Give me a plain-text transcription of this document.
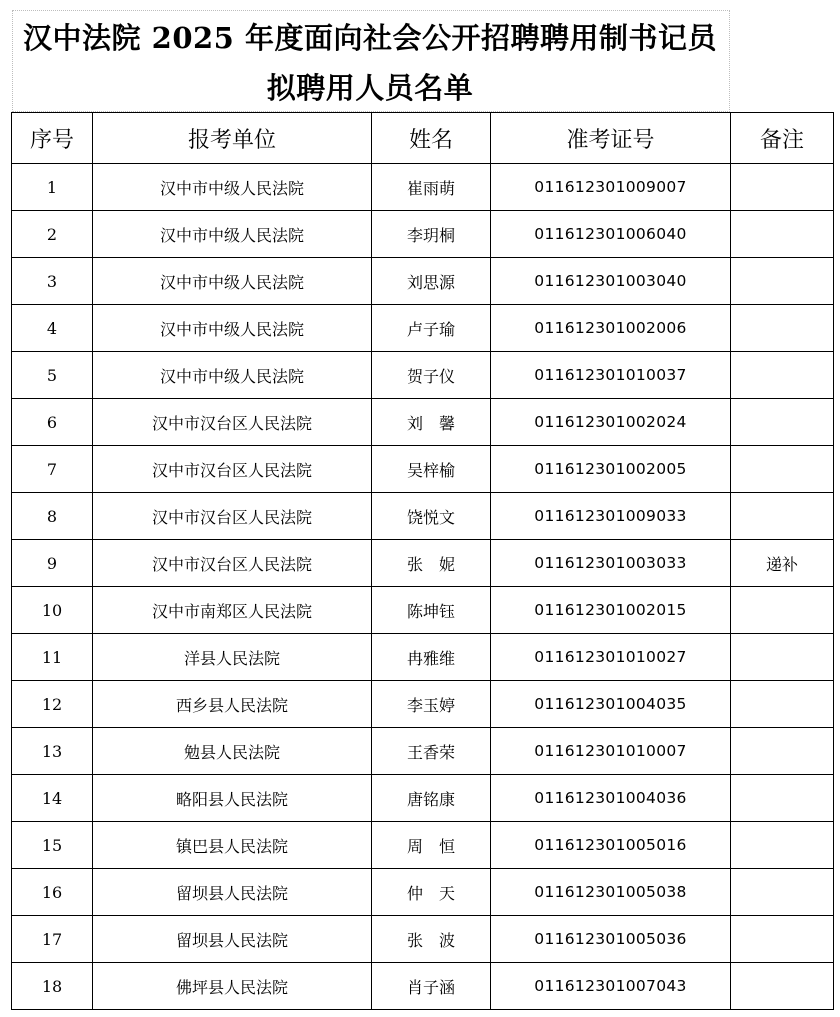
汉中法院 2025 年度面向社会公开招聘聘用制书记员
拟聘用人员名单
序号	报考单位	姓名	准考证号	备注
1	汉中市中级人民法院	崔雨萌	011612301009007	
2	汉中市中级人民法院	李玥桐	011612301006040	
3	汉中市中级人民法院	刘思源	011612301003040	
4	汉中市中级人民法院	卢子瑜	011612301002006	
5	汉中市中级人民法院	贺子仪	011612301010037	
6	汉中市汉台区人民法院	刘　馨	011612301002024	
7	汉中市汉台区人民法院	吴梓榆	011612301002005	
8	汉中市汉台区人民法院	饶悦文	011612301009033	
9	汉中市汉台区人民法院	张　妮	011612301003033	递补
10	汉中市南郑区人民法院	陈坤钰	011612301002015	
11	洋县人民法院	冉雅维	011612301010027	
12	西乡县人民法院	李玉婷	011612301004035	
13	勉县人民法院	王香荣	011612301010007	
14	略阳县人民法院	唐铭康	011612301004036	
15	镇巴县人民法院	周　恒	011612301005016	
16	留坝县人民法院	仲　天	011612301005038	
17	留坝县人民法院	张　波	011612301005036	
18	佛坪县人民法院	肖子涵	011612301007043	
